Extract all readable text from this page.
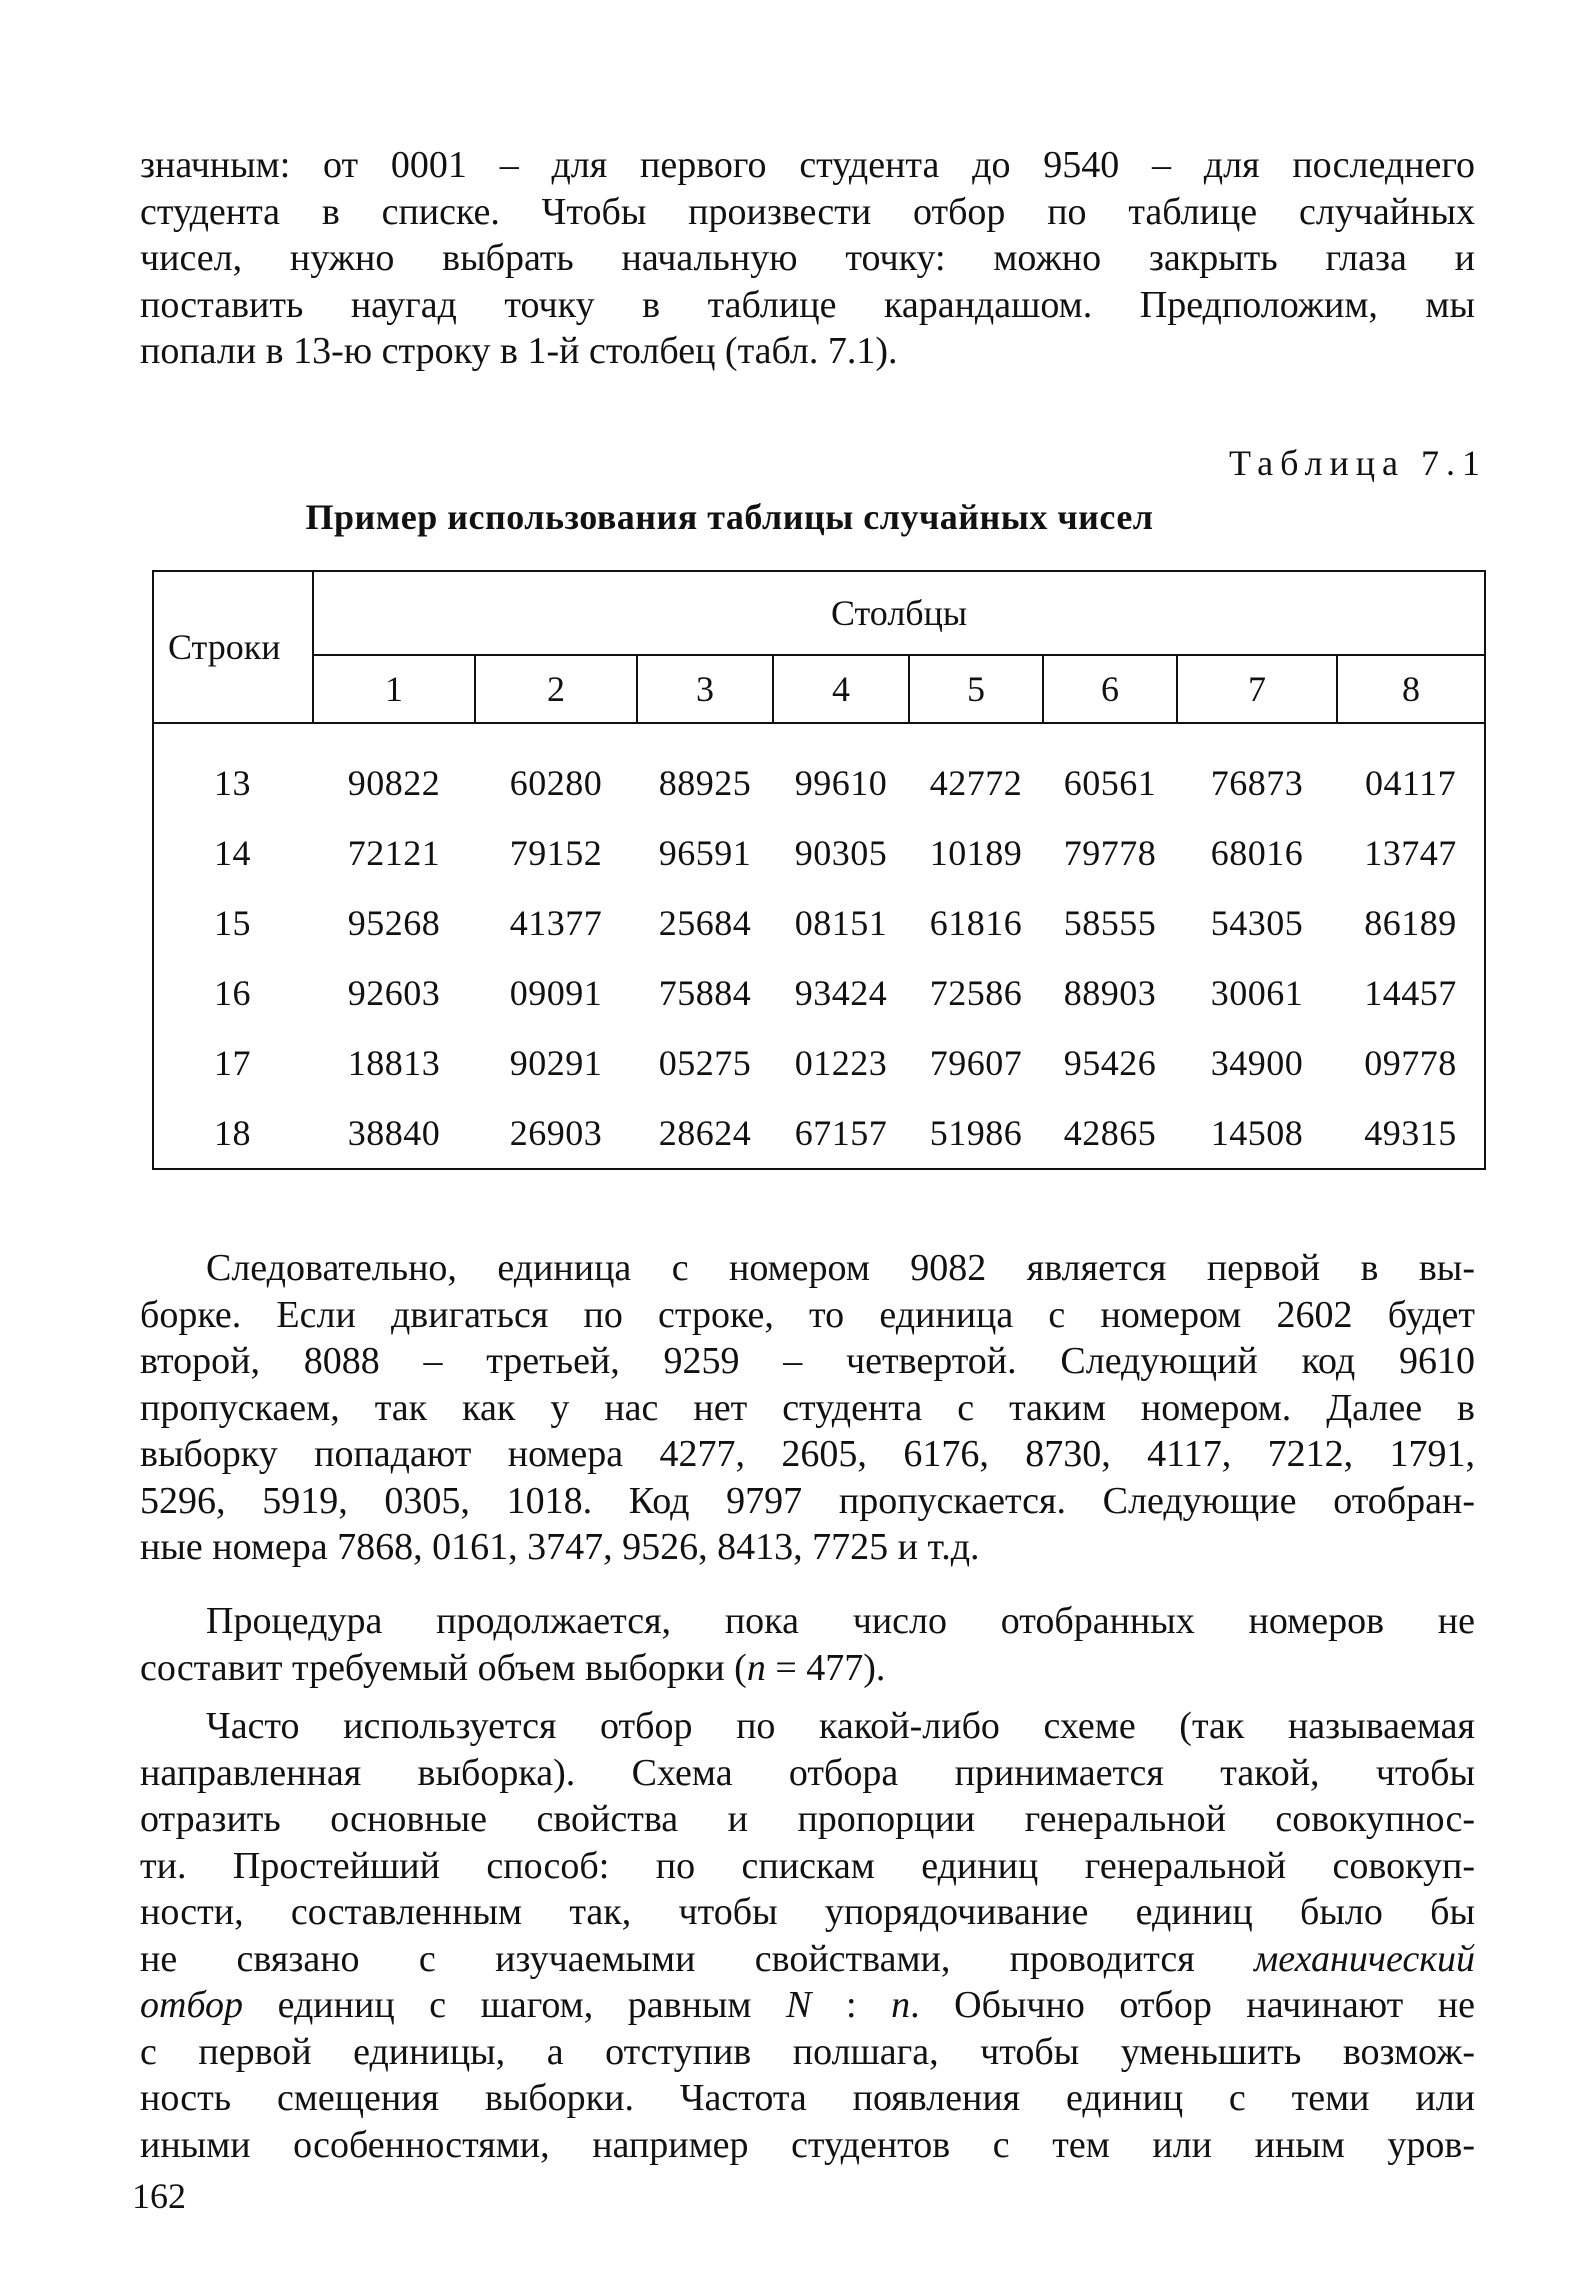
значным: от 0001 – для первого студента до 9540 – для последнего
студента в списке. Чтобы произвести отбор по таблице случайных
чисел, нужно выбрать начальную точку: можно закрыть глаза и
поставить наугад точку в таблице карандашом. Предположим, мы
попали в 13-ю строку в 1-й столбец (табл. 7.1).

Таблица 7.1

Пример использования таблицы случайных чисел

Строки	Столбцы							
	1	2	3	4	5	6	7	8
13	90822	60280	88925	99610	42772	60561	76873	04117
14	72121	79152	96591	90305	10189	79778	68016	13747
15	95268	41377	25684	08151	61816	58555	54305	86189
16	92603	09091	75884	93424	72586	88903	30061	14457
17	18813	90291	05275	01223	79607	95426	34900	09778
18	38840	26903	28624	67157	51986	42865	14508	49315
Следовательно, единица с номером 9082 является первой в вы-
борке. Если двигаться по строке, то единица с номером 2602 будет
второй, 8088 – третьей, 9259 – четвертой. Следующий код 9610
пропускаем, так как у нас нет студента с таким номером. Далее в
выборку попадают номера 4277, 2605, 6176, 8730, 4117, 7212, 1791,
5296, 5919, 0305, 1018. Код 9797 пропускается. Следующие отобран-
ные номера 7868, 0161, 3747, 9526, 8413, 7725 и т.д.
Процедура продолжается, пока число отобранных номеров не
составит требуемый объем выборки (n = 477).
Часто используется отбор по какой-либо схеме (так называемая
направленная выборка). Схема отбора принимается такой, чтобы
отразить основные свойства и пропорции генеральной совокупнос-
ти. Простейший способ: по спискам единиц генеральной совокуп-
ности, составленным так, чтобы упорядочивание единиц было бы
не связано с изучаемыми свойствами, проводится механический
отбор единиц с шагом, равным N : n. Обычно отбор начинают не
с первой единицы, а отступив полшага, чтобы уменьшить возмож-
ность смещения выборки. Частота появления единиц с теми или
иными особенностями, например студентов с тем или иным уров-

162
